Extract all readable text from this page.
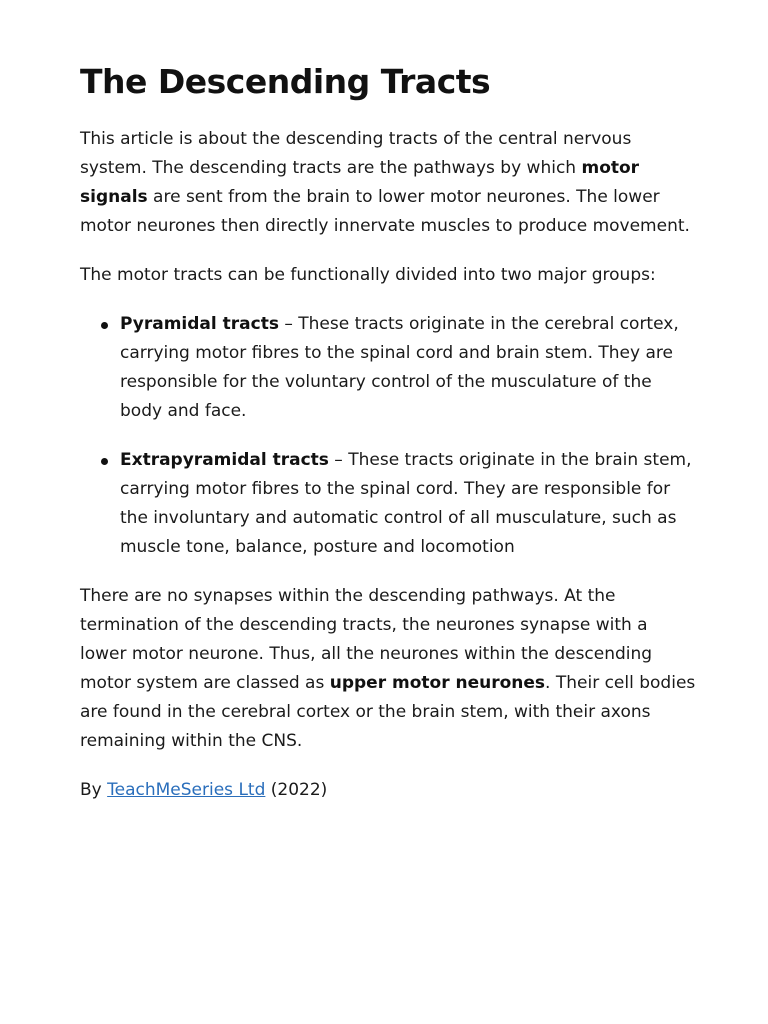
The Descending Tracts

This article is about the descending tracts of the central nervous system. The descending tracts are the pathways by which motor signals are sent from the brain to lower motor neurones. The lower motor neurones then directly innervate muscles to produce movement.

The motor tracts can be functionally divided into two major groups:

Pyramidal tracts – These tracts originate in the cerebral cortex, carrying motor fibres to the spinal cord and brain stem. They are responsible for the voluntary control of the musculature of the body and face.
Extrapyramidal tracts – These tracts originate in the brain stem, carrying motor fibres to the spinal cord. They are responsible for the involuntary and automatic control of all musculature, such as muscle tone, balance, posture and locomotion

There are no synapses within the descending pathways. At the termination of the descending tracts, the neurones synapse with a lower motor neurone. Thus, all the neurones within the descending motor system are classed as upper motor neurones. Their cell bodies are found in the cerebral cortex or the brain stem, with their axons remaining within the CNS.

By TeachMeSeries Ltd (2022)
